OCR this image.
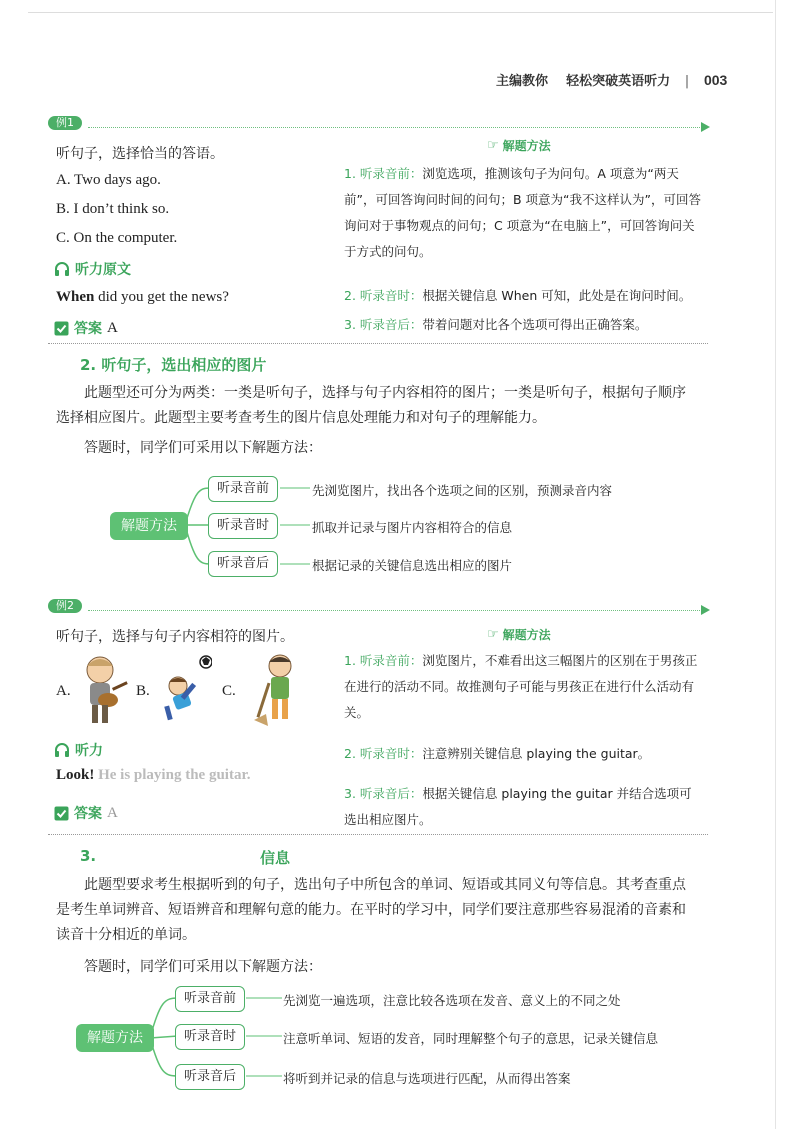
主编教你 轻松突破英语听力 | 003
例1
听句子，选择恰当的答语。
A. Two days ago.
B. I don’t think so.
C. On the computer.
听力原文
When did you get the news?
答案 A
☞ 解题方法
1. 听录音前：浏览选项，推测该句子为问句。A 项意为“两天前”，可回答询问时间的问句；B 项意为“我不这样认为”，可回答询问对于事物观点的问句；C 项意为“在电脑上”，可回答询问关于方式的问句。
2. 听录音时：根据关键信息 When 可知，此处是在询问时间。
3. 听录音后：带着问题对比各个选项可得出正确答案。
2. 听句子，选出相应的图片
此题型还可分为两类：一类是听句子，选择与句子内容相符的图片；一类是听句子，根据句子顺序选择相应图片。此题型主要考查考生的图片信息处理能力和对句子的理解能力。
答题时，同学们可采用以下解题方法：
解题方法
听录音前
听录音时
听录音后
先浏览图片，找出各个选项之间的区别，预测录音内容
抓取并记录与图片内容相符合的信息
根据记录的关键信息选出相应的图片
例2
听句子，选择与句子内容相符的图片。
A.	B.	C.
听力
Look! He is playing the guitar.
答案 A
☞ 解题方法
1. 听录音前：浏览图片，不难看出这三幅图片的区别在于男孩正在进行的活动不同。故推测句子可能与男孩正在进行什么活动有关。
2. 听录音时：注意辨别关键信息 playing the guitar。
3. 听录音后：根据关键信息 playing the guitar 并结合选项可选出相应图片。
3.	信息
此题型要求考生根据听到的句子，选出句子中所包含的单词、短语或其同义句等信息。其考查重点是考生单词辨音、短语辨音和理解句意的能力。在平时的学习中，同学们要注意那些容易混淆的音素和读音十分相近的单词。
答题时，同学们可采用以下解题方法：
解题方法
听录音前
听录音时
听录音后
先浏览一遍选项，注意比较各选项在发音、意义上的不同之处
注意听单词、短语的发音，同时理解整个句子的意思，记录关键信息
将听到并记录的信息与选项进行匹配，从而得出答案
